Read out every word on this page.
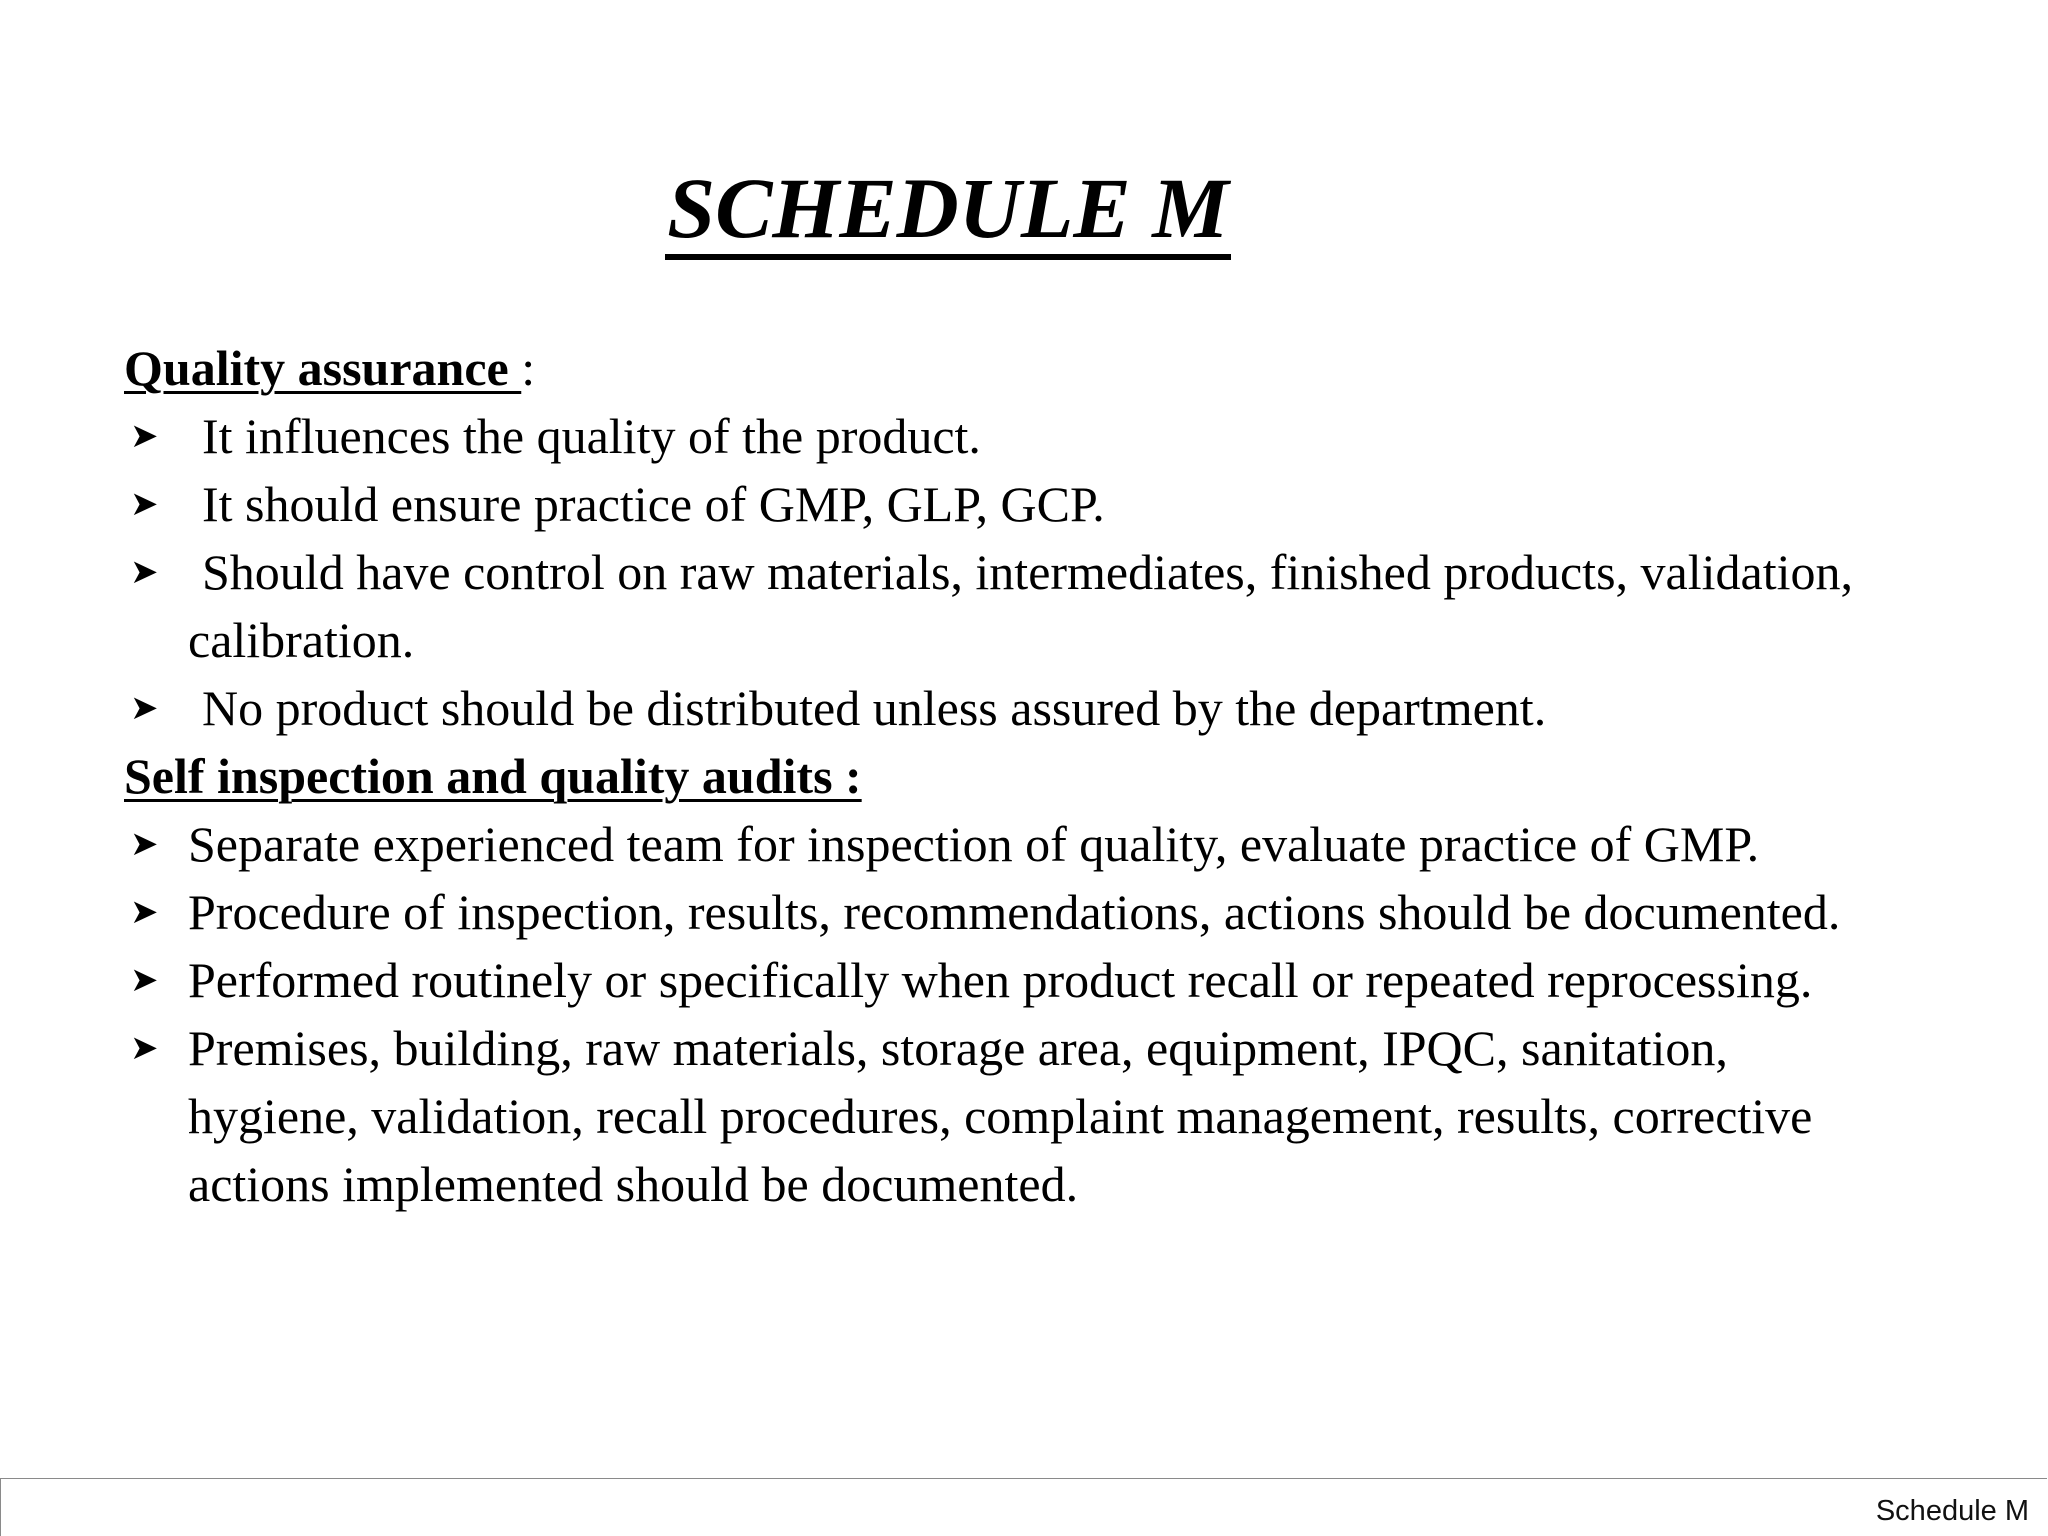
SCHEDULE M

Quality assurance :

➤ It influences the quality of the product.
➤ It should ensure practice of GMP, GLP, GCP.
➤ Should have control on raw materials, intermediates, finished products, validation, calibration.
➤ No product should be distributed unless assured by the department.

Self inspection and quality audits :

➤ Separate experienced team for inspection of quality, evaluate practice of GMP.
➤ Procedure of inspection, results, recommendations, actions should be documented.
➤ Performed routinely or specifically when product recall or repeated reprocessing.
➤ Premises, building, raw materials, storage area, equipment, IPQC, sanitation, hygiene, validation, recall procedures, complaint management, results, corrective actions implemented should be documented.
Schedule M
